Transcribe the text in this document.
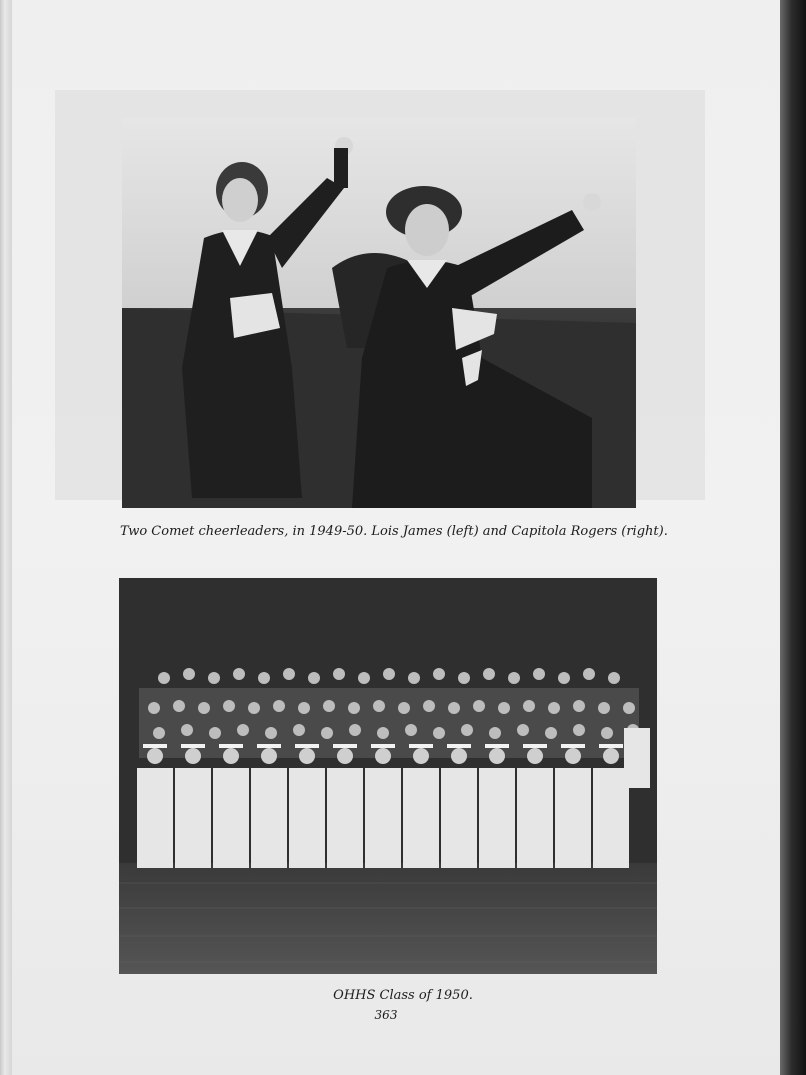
Two Comet cheerleaders, in 1949-50. Lois James (left) and Capitola Rogers (right).
OHHS Class of 1950.
363
